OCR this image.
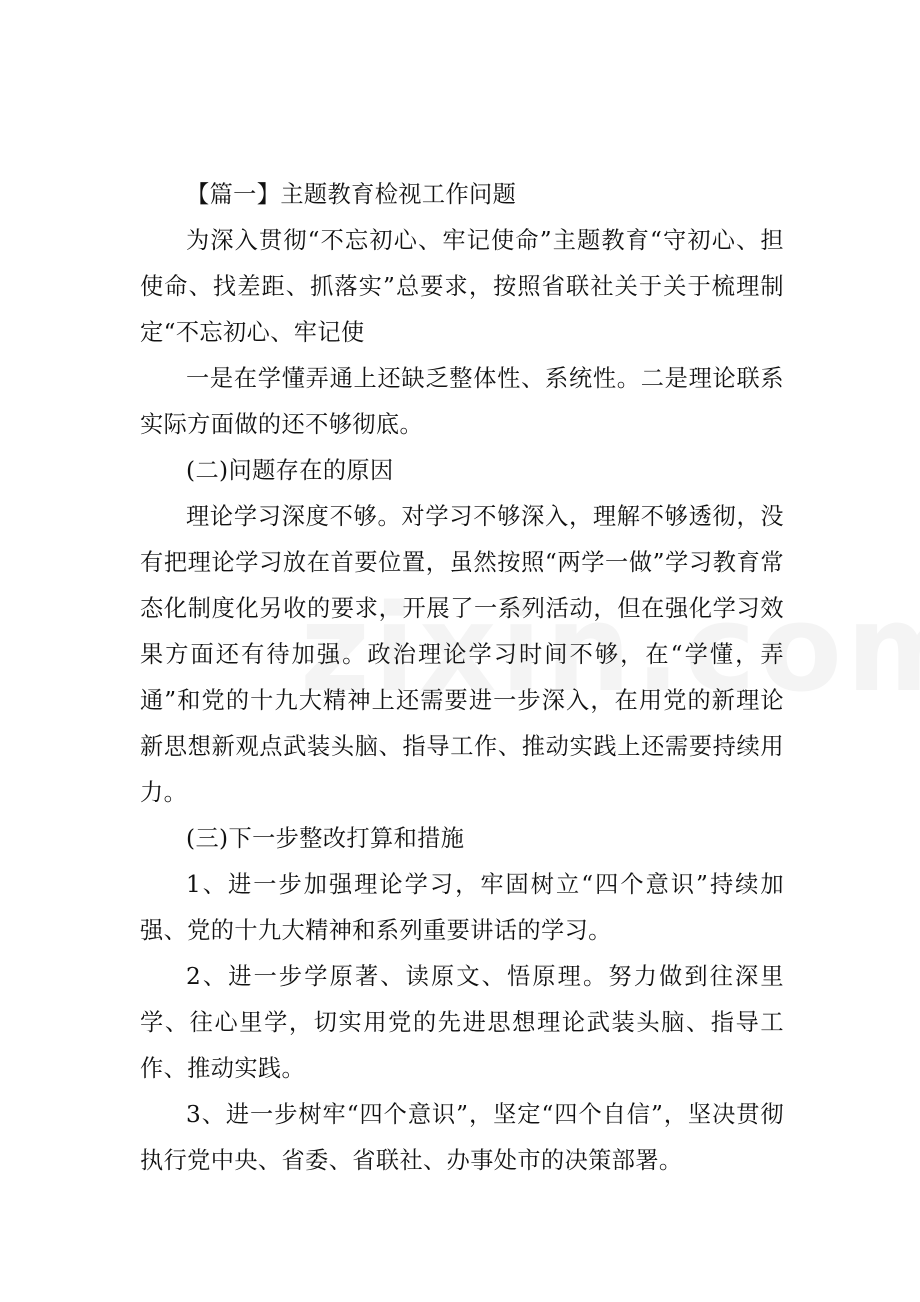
【篇一】主题教育检视工作问题

为深入贯彻“不忘初心、牢记使命”主题教育“守初心、担使命、找差距、抓落实”总要求，按照省联社关于关于梳理制定“不忘初心、牢记使

一是在学懂弄通上还缺乏整体性、系统性。二是理论联系实际方面做的还不够彻底。

(二)问题存在的原因

理论学习深度不够。对学习不够深入，理解不够透彻，没有把理论学习放在首要位置，虽然按照“两学一做”学习教育常态化制度化另收的要求，开展了一系列活动，但在强化学习效果方面还有待加强。政治理论学习时间不够，在“学懂，弄通”和党的十九大精神上还需要进一步深入，在用党的新理论新思想新观点武装头脑、指导工作、推动实践上还需要持续用力。

(三)下一步整改打算和措施

1、进一步加强理论学习，牢固树立“四个意识”持续加强、党的十九大精神和系列重要讲话的学习。

2、进一步学原著、读原文、悟原理。努力做到往深里学、往心里学，切实用党的先进思想理论武装头脑、指导工作、推动实践。

3、进一步树牢“四个意识”，坚定“四个自信”，坚决贯彻执行党中央、省委、省联社、办事处市的决策部署。
